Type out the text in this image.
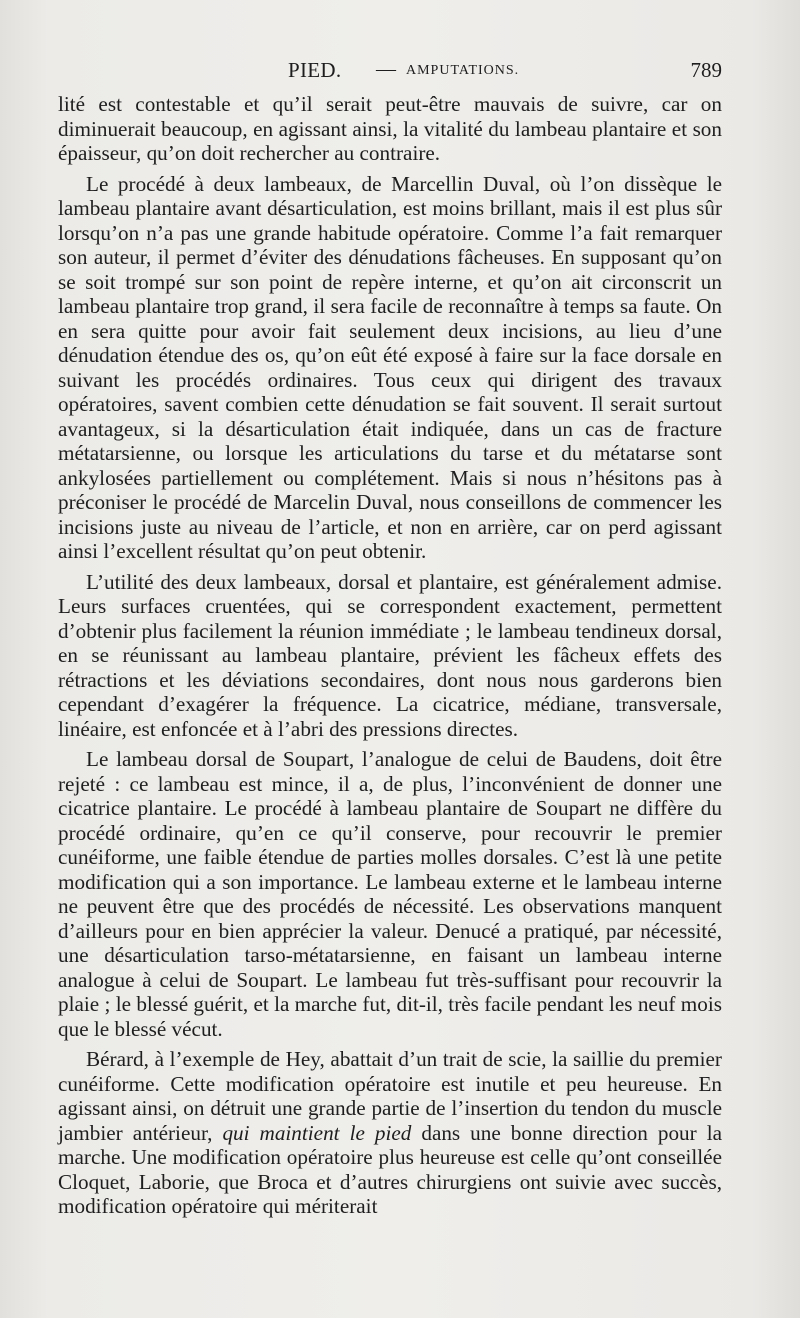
PIED. — AMPUTATIONS.	789

lité est contestable et qu’il serait peut-être mauvais de suivre, car on diminuerait beaucoup, en agissant ainsi, la vitalité du lambeau plantaire et son épaisseur, qu’on doit rechercher au contraire.

Le procédé à deux lambeaux, de Marcellin Duval, où l’on dissèque le lambeau plantaire avant désarticulation, est moins brillant, mais il est plus sûr lorsqu’on n’a pas une grande habitude opératoire. Comme l’a fait remarquer son auteur, il permet d’éviter des dénudations fâcheuses. En supposant qu’on se soit trompé sur son point de repère interne, et qu’on ait circonscrit un lambeau plantaire trop grand, il sera facile de reconnaître à temps sa faute. On en sera quitte pour avoir fait seulement deux incisions, au lieu d’une dénudation étendue des os, qu’on eût été exposé à faire sur la face dorsale en suivant les procédés ordinaires. Tous ceux qui dirigent des travaux opératoires, savent combien cette dénudation se fait souvent. Il serait surtout avantageux, si la désarticulation était indiquée, dans un cas de fracture métatarsienne, ou lorsque les articulations du tarse et du métatarse sont ankylosées partiellement ou complétement. Mais si nous n’hésitons pas à préconiser le procédé de Marcelin Duval, nous conseillons de commencer les incisions juste au niveau de l’article, et non en arrière, car on perd agissant ainsi l’excellent résultat qu’on peut obtenir.

L’utilité des deux lambeaux, dorsal et plantaire, est généralement admise. Leurs surfaces cruentées, qui se correspondent exactement, permettent d’obtenir plus facilement la réunion immédiate ; le lambeau tendineux dorsal, en se réunissant au lambeau plantaire, prévient les fâcheux effets des rétractions et les déviations secondaires, dont nous nous garderons bien cependant d’exagérer la fréquence. La cicatrice, médiane, transversale, linéaire, est enfoncée et à l’abri des pressions directes.

Le lambeau dorsal de Soupart, l’analogue de celui de Baudens, doit être rejeté : ce lambeau est mince, il a, de plus, l’inconvénient de donner une cicatrice plantaire. Le procédé à lambeau plantaire de Soupart ne diffère du procédé ordinaire, qu’en ce qu’il conserve, pour recouvrir le premier cunéiforme, une faible étendue de parties molles dorsales. C’est là une petite modification qui a son importance. Le lambeau externe et le lambeau interne ne peuvent être que des procédés de nécessité. Les observations manquent d’ailleurs pour en bien apprécier la valeur. Denucé a pratiqué, par nécessité, une désarticulation tarso-métatarsienne, en faisant un lambeau interne analogue à celui de Soupart. Le lambeau fut très-suffisant pour recouvrir la plaie ; le blessé guérit, et la marche fut, dit-il, très facile pendant les neuf mois que le blessé vécut.

Bérard, à l’exemple de Hey, abattait d’un trait de scie, la saillie du premier cunéiforme. Cette modification opératoire est inutile et peu heureuse. En agissant ainsi, on détruit une grande partie de l’insertion du tendon du muscle jambier antérieur, qui maintient le pied dans une bonne direction pour la marche. Une modification opératoire plus heureuse est celle qu’ont conseillée Cloquet, Laborie, que Broca et d’autres chirurgiens ont suivie avec succès, modification opératoire qui mériterait
